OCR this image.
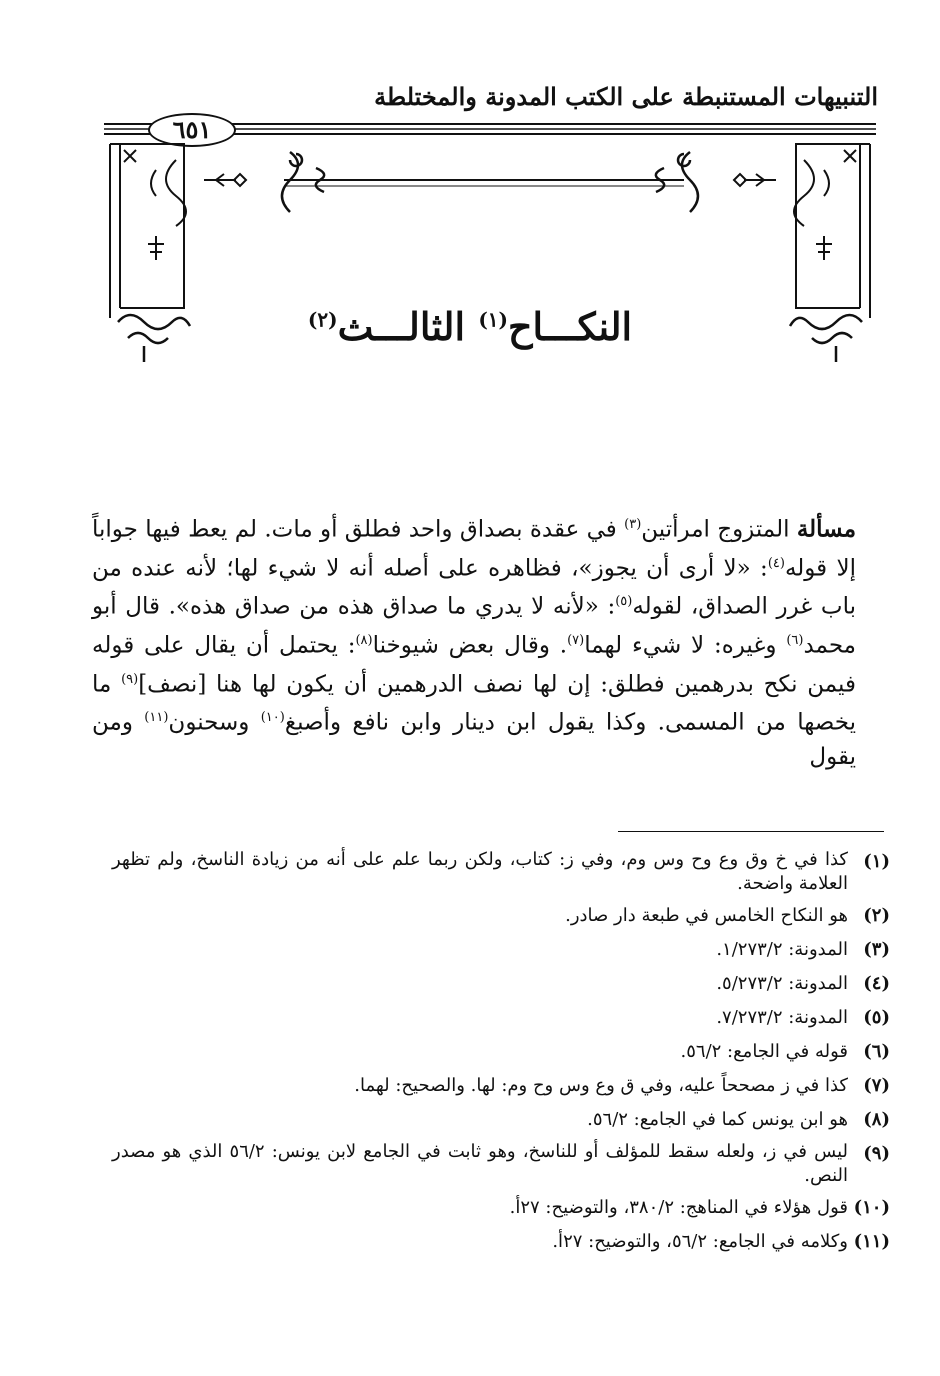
التنبيهات المستنبطة على الكتب المدونة والمختلطة
٦٥١
النكـــاح$^{(١)}$ الثالـــث$^{(٢)}$

مسألة المتزوج امرأتين$^{(٣)}$ في عقدة بصداق واحد فطلق أو مات. لم يعط فيها جواباً إلا قوله$^{(٤)}$: «لا أرى أن يجوز»، فظاهره على أصله أنه لا شيء لها؛ لأنه عنده من باب غرر الصداق، لقوله$^{(٥)}$: «لأنه لا يدري ما صداق هذه من صداق هذه». قال أبو محمد$^{(٦)}$ وغيره: لا شيء لهما$^{(٧)}$. وقال بعض شيوخنا$^{(٨)}$: يحتمل أن يقال على قوله فيمن نكح بدرهمين فطلق: إن لها نصف الدرهمين أن يكون لها هنا [نصف]$^{(٩)}$ ما يخصها من المسمى. وكذا يقول ابن دينار وابن نافع وأصبغ$^{(١٠)}$ وسحنون$^{(١١)}$ ومن يقول

(١)
كذا في خ وق وع وح وس وم، وفي ز: كتاب، ولكن ربما علم على أنه من زيادة الناسخ، ولم تظهر العلامة واضحة.
(٢)
هو النكاح الخامس في طبعة دار صادر.
(٣)
المدونة: ١/٢٧٣/٢.
(٤)
المدونة: ٥/٢٧٣/٢.
(٥)
المدونة: ٧/٢٧٣/٢.
(٦)
قوله في الجامع: ٥٦/٢.
(٧)
كذا في ز مصححاً عليه، وفي ق وع وس وح وم: لها. والصحيح: لهما.
(٨)
هو ابن يونس كما في الجامع: ٥٦/٢.
(٩)
ليس في ز، ولعله سقط للمؤلف أو للناسخ، وهو ثابت في الجامع لابن يونس: ٥٦/٢ الذي هو مصدر النص.
(١٠)
قول هؤلاء في المناهج: ٣٨٠/٢، والتوضيح: ٢٧أ.
(١١)
وكلامه في الجامع: ٥٦/٢، والتوضيح: ٢٧أ.
